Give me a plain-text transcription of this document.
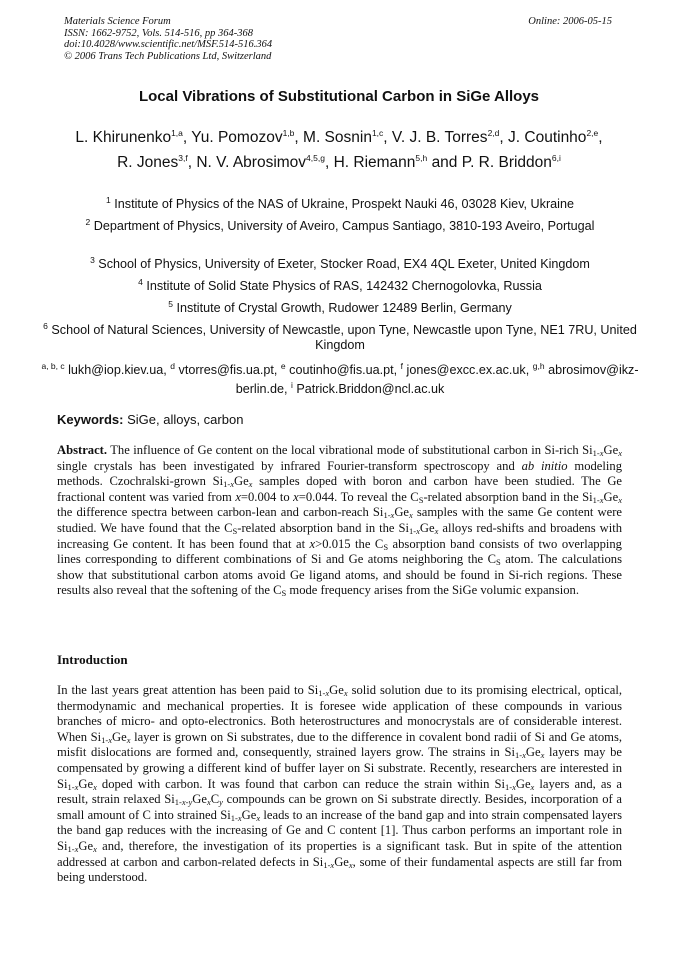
Materials Science Forum
ISSN: 1662-9752, Vols. 514-516, pp 364-368
doi:10.4028/www.scientific.net/MSF.514-516.364
© 2006 Trans Tech Publications Ltd, Switzerland
Online: 2006-05-15
Local Vibrations of Substitutional Carbon in SiGe Alloys
L. Khirunenko$^{1,a}$, Yu. Pomozov$^{1,b}$, M. Sosnin$^{1,c}$, V. J. B. Torres$^{2,d}$, J. Coutinho$^{2,e}$, R. Jones$^{3,f}$, N. V. Abrosimov$^{4,5,g}$, H. Riemann$^{5,h}$ and P. R. Briddon$^{6,i}$
$^1$ Institute of Physics of the NAS of Ukraine, Prospekt Nauki 46, 03028 Kiev, Ukraine
$^2$ Department of Physics, University of Aveiro, Campus Santiago, 3810-193 Aveiro, Portugal
$^3$ School of Physics, University of Exeter, Stocker Road, EX4 4QL Exeter, United Kingdom
$^4$ Institute of Solid State Physics of RAS, 142432 Chernogolovka, Russia
$^5$ Institute of Crystal Growth, Rudower 12489 Berlin, Germany
$^6$ School of Natural Sciences, University of Newcastle, upon Tyne, Newcastle upon Tyne, NE1 7RU, United Kingdom
$^{a, b, c}$ lukh@iop.kiev.ua, $^d$ vtorres@fis.ua.pt, $^e$ coutinho@fis.ua.pt, $^f$ jones@excc.ex.ac.uk, $^{g,h}$ abrosimov@ikz-berlin.de, $^i$ Patrick.Briddon@ncl.ac.uk
Keywords: SiGe, alloys, carbon
Abstract. The influence of Ge content on the local vibrational mode of substitutional carbon in Si-rich $Si_{1-x}Ge_x$ single crystals has been investigated by infrared Fourier-transform spectroscopy and ab initio modeling methods. Czochralski-grown $Si_{1-x}Ge_x$ samples doped with boron and carbon have been studied. The Ge fractional content was varied from x=0.004 to x=0.044. To reveal the $C_S$-related absorption band in the $Si_{1-x}Ge_x$ the difference spectra between carbon-lean and carbon-reach $Si_{1-x}Ge_x$ samples with the same Ge content were studied. We have found that the $C_S$-related absorption band in the $Si_{1-x}Ge_x$ alloys red-shifts and broadens with increasing Ge content. It has been found that at x>0.015 the $C_S$ absorption band consists of two overlapping lines corresponding to different combinations of Si and Ge atoms neighboring the $C_S$ atom. The calculations show that substitutional carbon atoms avoid Ge ligand atoms, and should be found in Si-rich regions. These results also reveal that the softening of the $C_S$ mode frequency arises from the SiGe volumic expansion.
Introduction
In the last years great attention has been paid to $Si_{1-x}Ge_x$ solid solution due to its promising electrical, optical, thermodynamic and mechanical properties. It is foresee wide application of these compounds in various branches of micro- and opto-electronics. Both heterostructures and monocrystals are of considerable interest. When $Si_{1-x}Ge_x$ layer is grown on Si substrates, due to the difference in covalent bond radii of Si and Ge atoms, misfit dislocations are formed and, consequently, strained layers grow. The strains in $Si_{1-x}Ge_x$ layers may be compensated by growing a different kind of buffer layer on Si substrate. Recently, researchers are interested in $Si_{1-x}Ge_x$ doped with carbon. It was found that carbon can reduce the strain within $Si_{1-x}Ge_x$ layers and, as a result, strain relaxed $Si_{1-x-y}Ge_xC_y$ compounds can be grown on Si substrate directly. Besides, incorporation of a small amount of C into strained $Si_{1-x}Ge_x$ leads to an increase of the band gap and into strain compensated layers the band gap reduces with the increasing of Ge and C content [1]. Thus carbon performs an important role in $Si_{1-x}Ge_x$ and, therefore, the investigation of its properties is a significant task. But in spite of the attention addressed at carbon and carbon-related defects in $Si_{1-x}Ge_x$, some of their fundamental aspects are still far from being understood.
